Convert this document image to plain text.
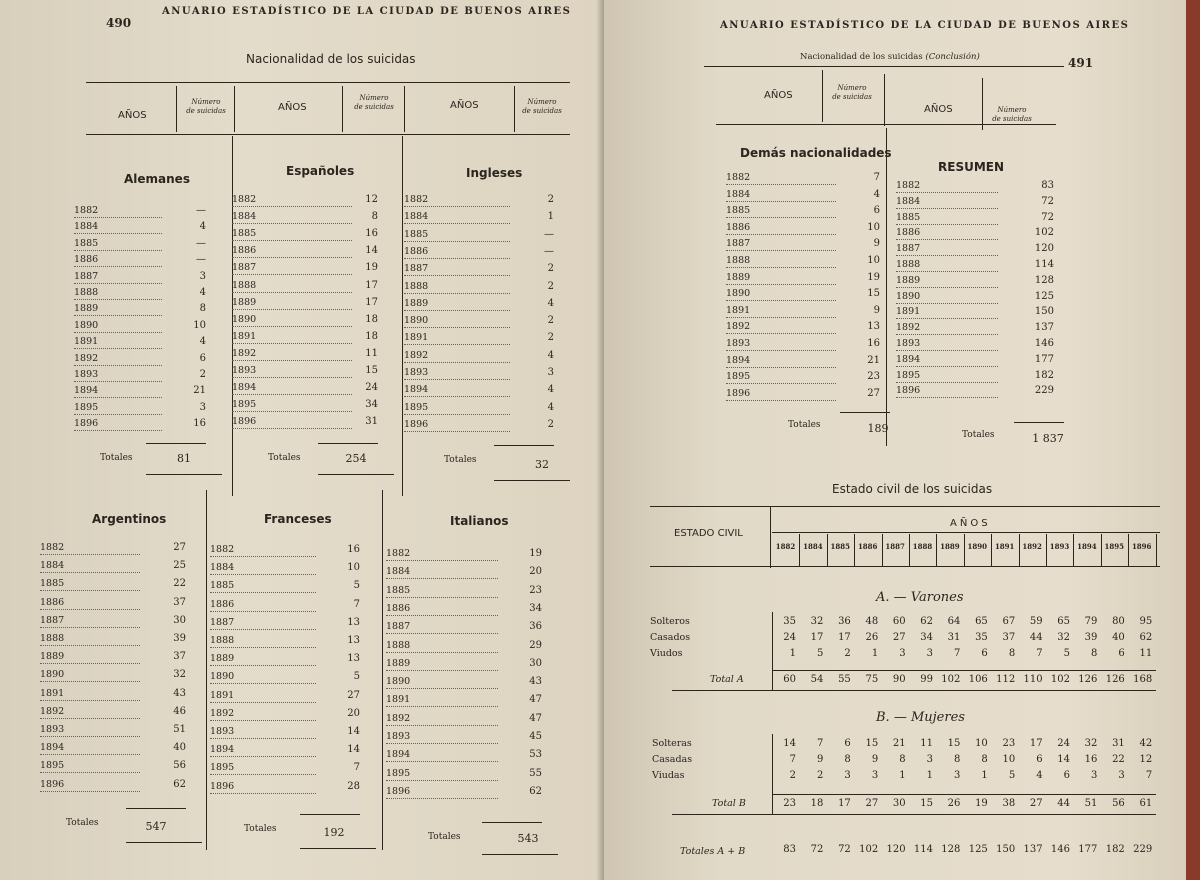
490
ANUARIO ESTADÍSTICO DE LA CIUDAD DE BUENOS AIRES
Nacionalidad de los suicidas
AÑOS
Número
de suicidas	AÑOS
Número
de suicidas	AÑOS	Número
de suicidas
Alemanes
1882	—
1884	4
1885	—
1886	—
1887	3
1888	4
1889	8
1890	10
1891	4
1892	6
1893	2
1894	21
1895	3
1896	16
Totales	81
Españoles
1882	12
1884	8
1885	16
1886	14
1887	19
1888	17
1889	17
1890	18
1891	18
1892	11
1893	15
1894	24
1895	34
1896	31
Totales	254
Ingleses
1882	2
1884	1
1885	—
1886	—
1887	2
1888	2
1889	4
1890	2
1891	2
1892	4
1893	3
1894	4
1895	4
1896	2
Totales	32
Argentinos
1882	27
1884	25
1885	22
1886	37
1887	30
1888	39
1889	37
1890	32
1891	43
1892	46
1893	51
1894	40
1895	56
1896	62
Totales	547
Franceses
1882	16
1884	10
1885	5
1886	7
1887	13
1888	13
1889	13
1890	5
1891	27
1892	20
1893	14
1894	14
1895	7
1896	28
Totales	192
Italianos
1882	19
1884	20
1885	23
1886	34
1887	36
1888	29
1889	30
1890	43
1891	47
1892	47
1893	45
1894	53
1895	55
1896	62
Totales	543
ANUARIO ESTADÍSTICO DE LA CIUDAD DE BUENOS AIRES
491
Nacionalidad de los suicidas (Conclusión)
AÑOS
Número
de suicidas
AÑOS	Número
de suicidas
Demás nacionalidades
1882	7
1884	4
1885	6
1886	10
1887	9
1888	10
1889	19
1890	15
1891	9
1892	13
1893	16
1894	21
1895	23
1896	27
Totales	189
RESUMEN
1882	83
1884	72
1885	72
1886	102
1887	120
1888	114
1889	128
1890	125
1891	150
1892	137
1893	146
1894	177
1895	182
1896	229
Totales	1 837
Estado civil de los suicidas
ESTADO CIVIL
AÑOS
1882	1884	1885	1886	1887	1888	1889	1890	1891	1892	1893	1894	1895	1896
A. — Varones
Solteros	35	32	36	48	60	62	64	65	67	59	65	79	80	95
Casados	24	17	17	26	27	34	31	35	37	44	32	39	40	62
Viudos	1	5	2	1	3	3	7	6	8	7	5	8	6	11
Total A	60	54	55	75	90	99 102 106 112 110 102 126 126 168
B. — Mujeres
Solteras	14	7	6	15	21	11	15	10	23	17	24	32	31	42
Casadas	7	9	8	9	8	3	8	8	10	6	14	16	22	12
Viudas	2	2	3	3	1	1	3	1	5	4	6	3	3	7
Total B	23	18	17	27	30	15	26	19	38	27	44	51	56	61
Totales A + B	83	72	72 102 120 114 128 125 150 137 146 177 182 229
